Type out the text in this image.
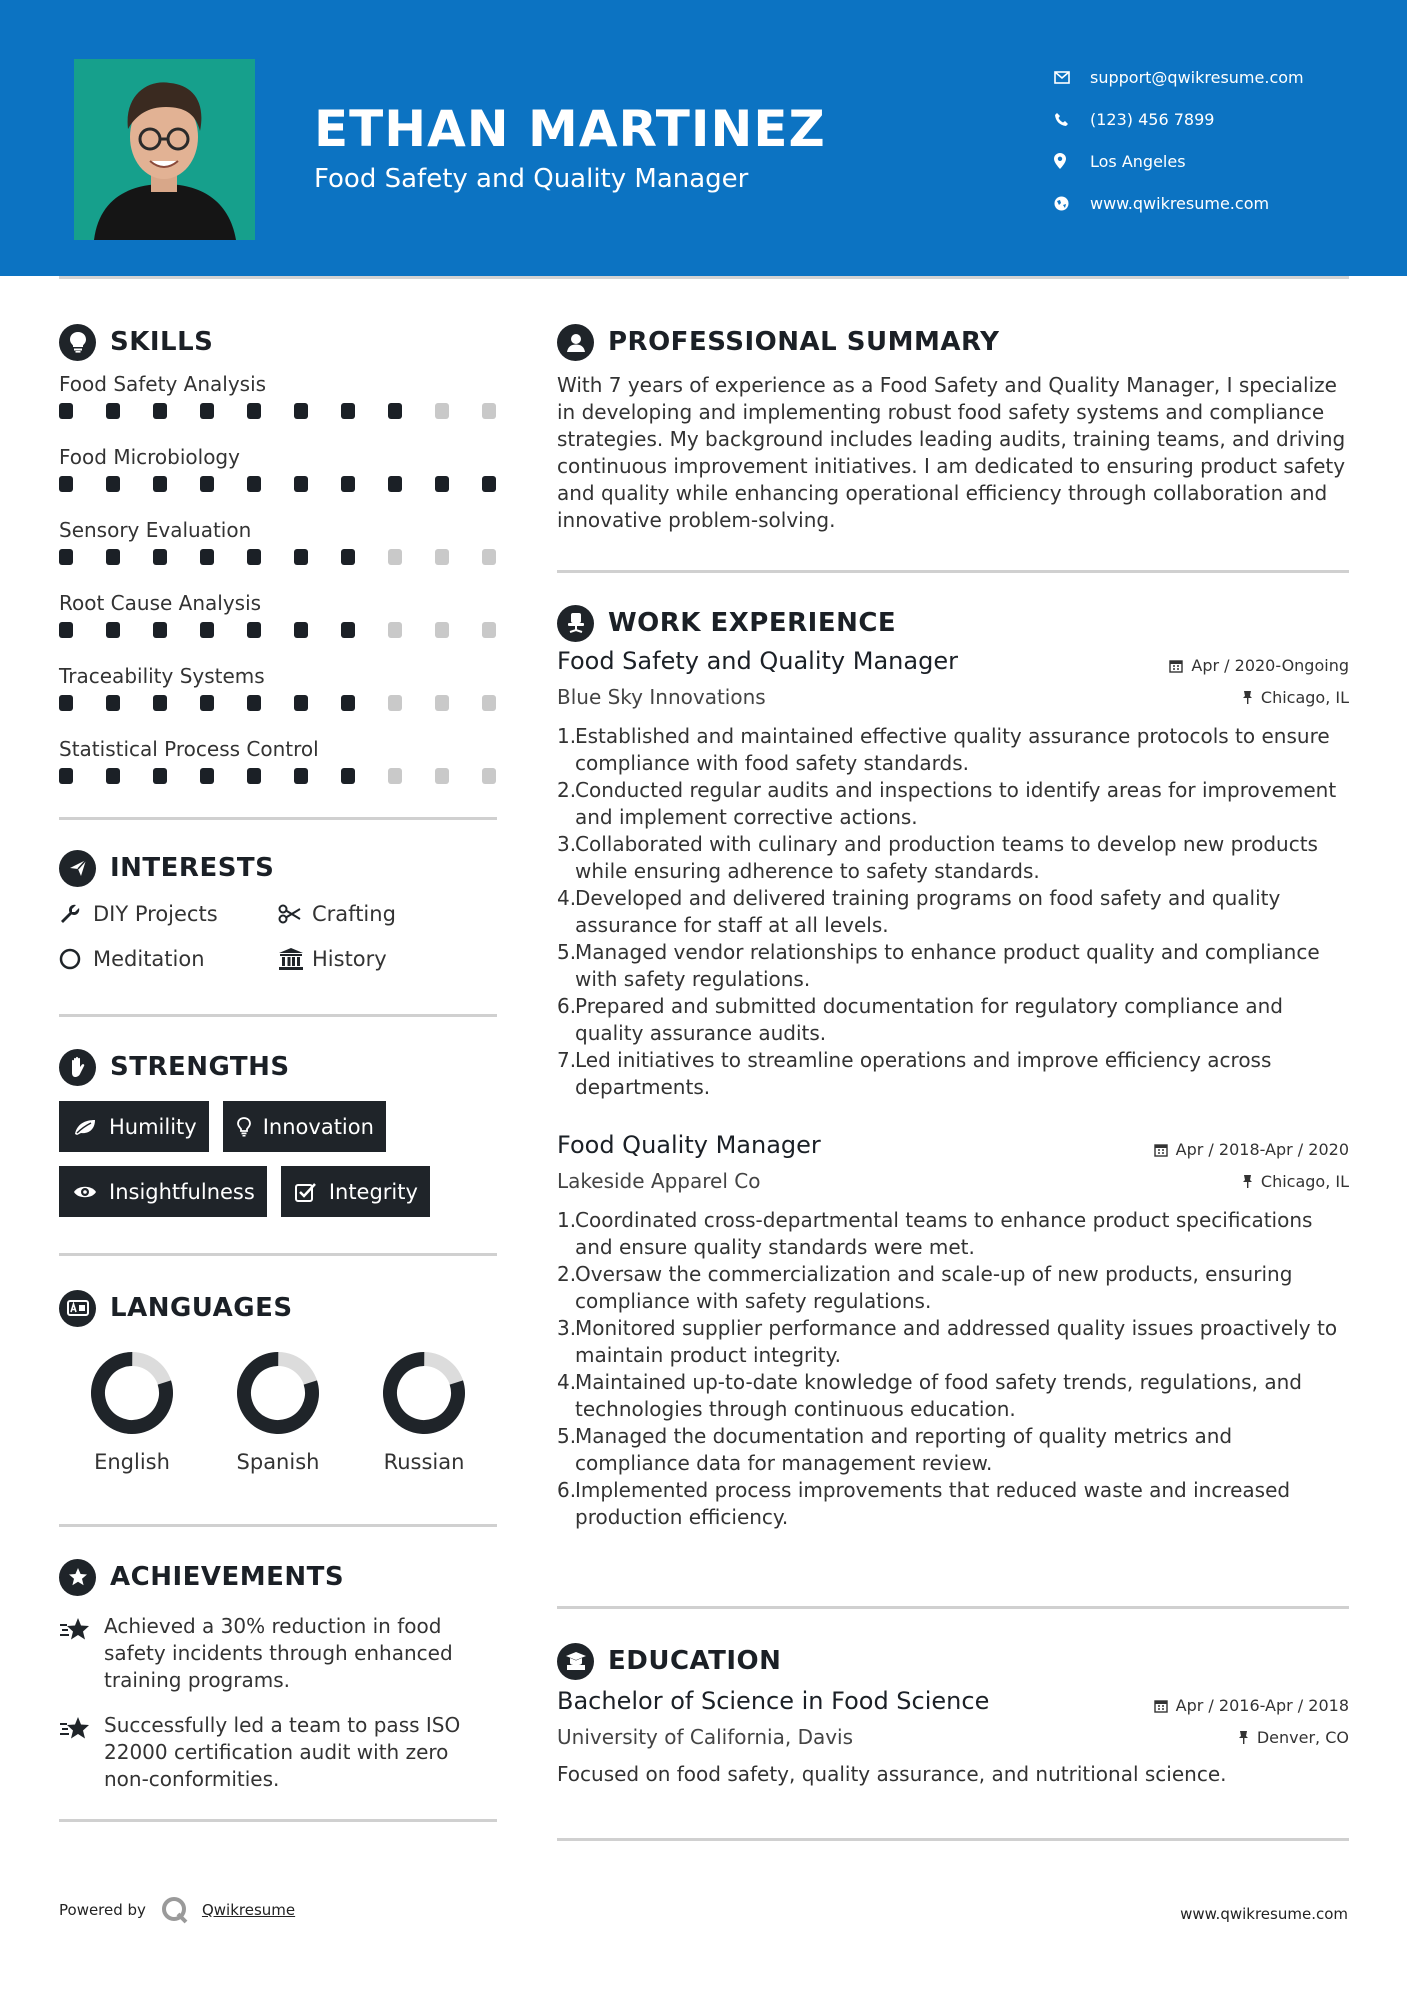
ETHAN MARTINEZ
Food Safety and Quality Manager
support@qwikresume.com
(123) 456 7899
Los Angeles
www.qwikresume.com
SKILLS
Food Safety Analysis
Food Microbiology
Sensory Evaluation
Root Cause Analysis
Traceability Systems
Statistical Process Control
INTERESTS
DIY Projects	Crafting
Meditation	History
STRENGTHS
Humility	Innovation
Insightfulness	Integrity
LANGUAGES
English	Spanish	Russian
ACHIEVEMENTS
Achieved a 30% reduction in food safety incidents through enhanced training programs.
Successfully led a team to pass ISO 22000 certification audit with zero non-conformities.
PROFESSIONAL SUMMARY

With 7 years of experience as a Food Safety and Quality Manager, I specialize in developing and implementing robust food safety systems and compliance strategies. My background includes leading audits, training teams, and driving continuous improvement initiatives. I am dedicated to ensuring product safety and quality while enhancing operational efficiency through collaboration and innovative problem-solving.

WORK EXPERIENCE
Food Safety and Quality Manager	Apr / 2020-Ongoing
Blue Sky Innovations	Chicago, IL
1.
Established and maintained effective quality assurance protocols to ensure compliance with food safety standards.
2.
Conducted regular audits and inspections to identify areas for improvement and implement corrective actions.
3.
Collaborated with culinary and production teams to develop new products while ensuring adherence to safety standards.
4.
Developed and delivered training programs on food safety and quality assurance for staff at all levels.
5.
Managed vendor relationships to enhance product quality and compliance with safety regulations.
6.
Prepared and submitted documentation for regulatory compliance and quality assurance audits.
7.
Led initiatives to streamline operations and improve efficiency across departments.
Food Quality Manager	Apr / 2018-Apr / 2020
Lakeside Apparel Co	Chicago, IL
1.
Coordinated cross-departmental teams to enhance product specifications and ensure quality standards were met.
2.
Oversaw the commercialization and scale-up of new products, ensuring compliance with safety regulations.
3.
Monitored supplier performance and addressed quality issues proactively to maintain product integrity.
4.
Maintained up-to-date knowledge of food safety trends, regulations, and technologies through continuous education.
5.
Managed the documentation and reporting of quality metrics and compliance data for management review.
6.
Implemented process improvements that reduced waste and increased production efficiency.
EDUCATION
Bachelor of Science in Food Science	Apr / 2016-Apr / 2018
University of California, Davis	Denver, CO

Focused on food safety, quality assurance, and nutritional science.

Powered by	Qwikresume	www.qwikresume.com
